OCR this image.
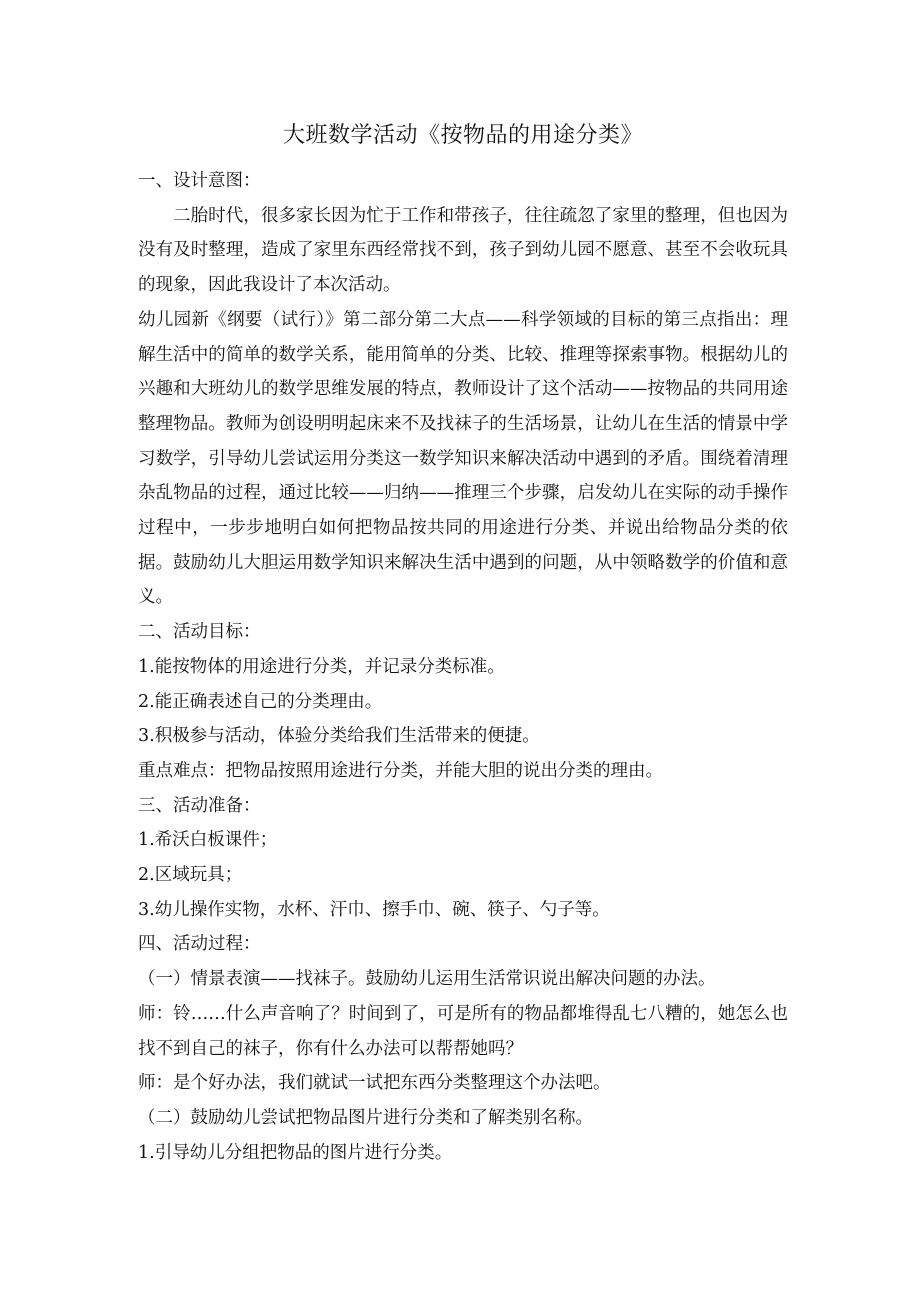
大班数学活动《按物品的用途分类》

一、设计意图：

二胎时代，很多家长因为忙于工作和带孩子，往往疏忽了家里的整理，但也因为没有及时整理，造成了家里东西经常找不到，孩子到幼儿园不愿意、甚至不会收玩具的现象，因此我设计了本次活动。

幼儿园新《纲要（试行）》第二部分第二大点——科学领域的目标的第三点指出：理解生活中的简单的数学关系，能用简单的分类、比较、推理等探索事物。根据幼儿的兴趣和大班幼儿的数学思维发展的特点，教师设计了这个活动——按物品的共同用途整理物品。教师为创设明明起床来不及找袜子的生活场景，让幼儿在生活的情景中学习数学，引导幼儿尝试运用分类这一数学知识来解决活动中遇到的矛盾。围绕着清理杂乱物品的过程，通过比较——归纳——推理三个步骤，启发幼儿在实际的动手操作过程中，一步步地明白如何把物品按共同的用途进行分类、并说出给物品分类的依据。鼓励幼儿大胆运用数学知识来解决生活中遇到的问题，从中领略数学的价值和意义。

二、活动目标：

1.能按物体的用途进行分类，并记录分类标准。

2.能正确表述自己的分类理由。

3.积极参与活动，体验分类给我们生活带来的便捷。

重点难点：把物品按照用途进行分类，并能大胆的说出分类的理由。

三、活动准备：

1.希沃白板课件；

2.区域玩具；

3.幼儿操作实物，水杯、汗巾、擦手巾、碗、筷子、勺子等。

四、活动过程：

（一）情景表演——找袜子。鼓励幼儿运用生活常识说出解决问题的办法。

师：铃……什么声音响了？时间到了，可是所有的物品都堆得乱七八糟的，她怎么也找不到自己的袜子，你有什么办法可以帮帮她吗？

师：是个好办法，我们就试一试把东西分类整理这个办法吧。

（二）鼓励幼儿尝试把物品图片进行分类和了解类别名称。

1.引导幼儿分组把物品的图片进行分类。
